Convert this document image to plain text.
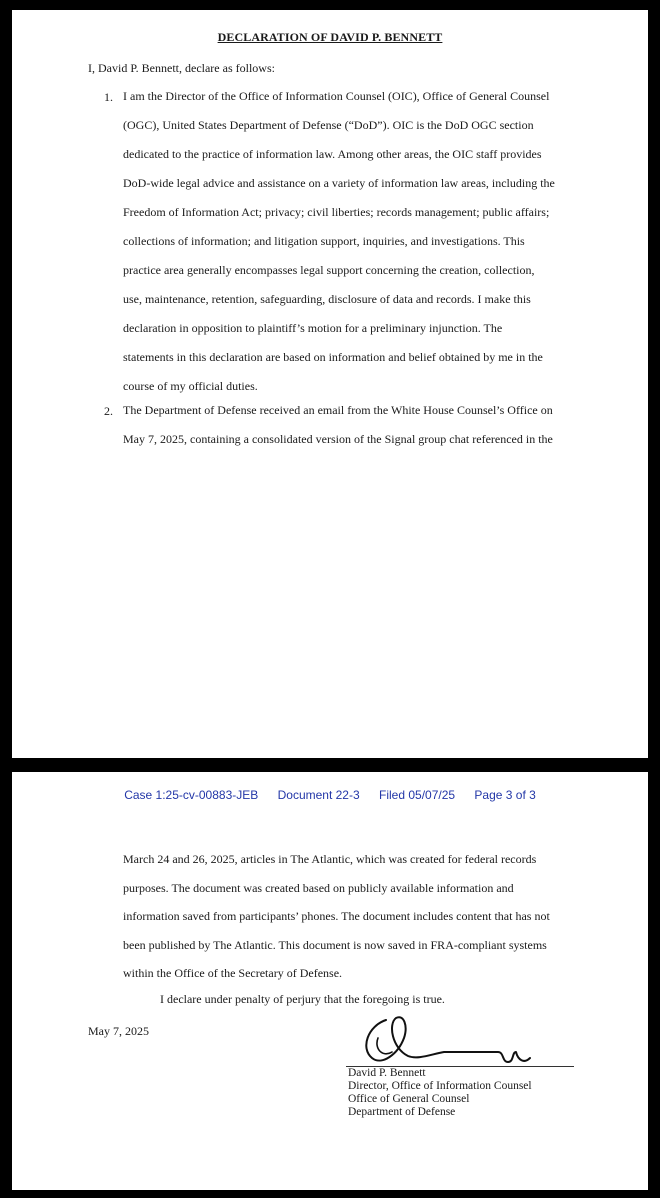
DECLARATION OF DAVID P. BENNETT
I, David P. Bennett, declare as follows:
1. I am the Director of the Office of Information Counsel (OIC), Office of General Counsel
(OGC), United States Department of Defense (“DoD”). OIC is the DoD OGC section
dedicated to the practice of information law. Among other areas, the OIC staff provides
DoD-wide legal advice and assistance on a variety of information law areas, including the
Freedom of Information Act; privacy; civil liberties; records management; public affairs;
collections of information; and litigation support, inquiries, and investigations. This
practice area generally encompasses legal support concerning the creation, collection,
use, maintenance, retention, safeguarding, disclosure of data and records. I make this
declaration in opposition to plaintiff’s motion for a preliminary injunction. The
statements in this declaration are based on information and belief obtained by me in the
course of my official duties.
2. The Department of Defense received an email from the White House Counsel’s Office on
May 7, 2025, containing a consolidated version of the Signal group chat referenced in the
Case 1:25-cv-00883-JEB Document 22-3 Filed 05/07/25 Page 3 of 3
March 24 and 26, 2025, articles in The Atlantic, which was created for federal records
purposes. The document was created based on publicly available information and
information saved from participants’ phones. The document includes content that has not
been published by The Atlantic. This document is now saved in FRA-compliant systems
within the Office of the Secretary of Defense.
I declare under penalty of perjury that the foregoing is true.
May 7, 2025
David P. Bennett
Director, Office of Information Counsel
Office of General Counsel
Department of Defense
